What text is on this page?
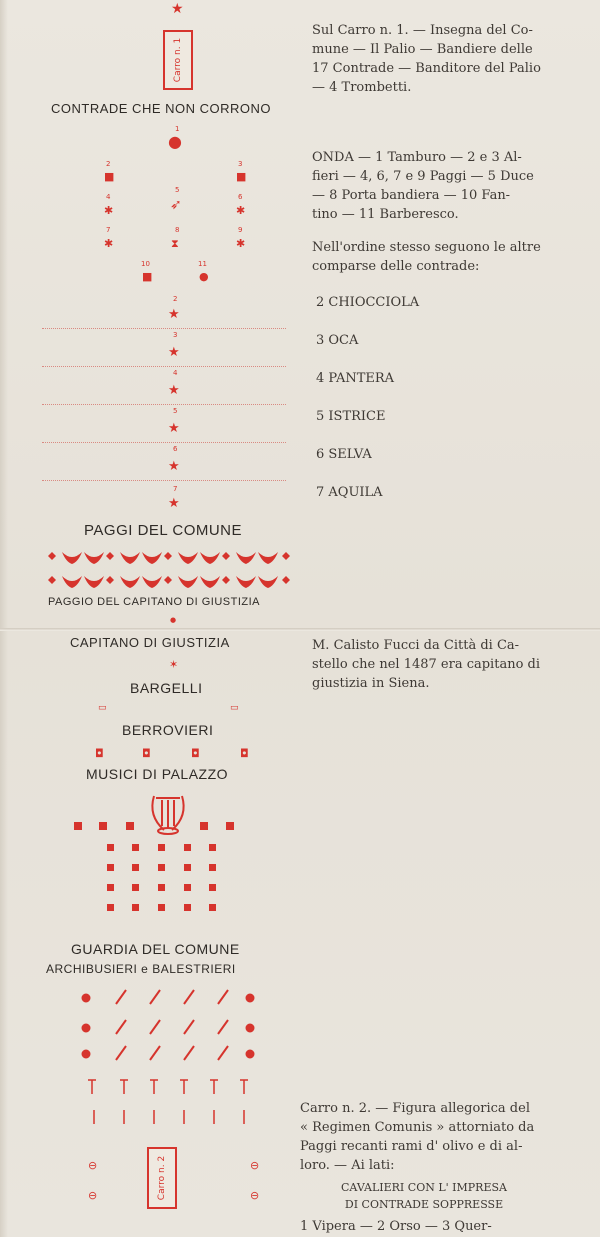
★
Carro n. 1
CONTRADE CHE NON CORRONO
1
●
2
■
3
■
4
✱
5
➶	6
✱
7
✱
8
⧗
9
✱
10
■
11
●
2
★
3
★
4
★
5
★
6
★
7
★
PAGGI DEL COMUNE
PAGGIO DEL CAPITANO DI GIUSTIZIA
●
CAPITANO DI GIUSTIZIA
✶
BARGELLI
▭	▭
BERROVIERI
◘	◘	◘	◘
MUSICI DI PALAZZO
GUARDIA DEL COMUNE
ARCHIBUSIERI e BALESTRIERI
⊖
⊖
⊖
⊖
Carro n. 2
Sul Carro n. 1. — Insegna del Co-
mune — Il Palio — Bandiere delle
17 Contrade — Banditore del Palio
— 4 Trombetti.
ONDA — 1 Tamburo — 2 e 3 Al-
fieri — 4, 6, 7 e 9 Paggi — 5 Duce
— 8 Porta bandiera — 10 Fan-
tino — 11 Barberesco.
Nell'ordine stesso seguono le altre
comparse delle contrade:
2 CHIOCCIOLA
3 OCA
4 PANTERA
5 ISTRICE
6 SELVA
7 AQUILA
M. Calisto Fucci da Città di Ca-
stello che nel 1487 era capitano di
giustizia in Siena.
Carro n. 2. — Figura allegorica del
« Regimen Comunis » attorniato da
Paggi recanti rami d' olivo e di al-
loro. — Ai lati:
CAVALIERI CON L' IMPRESA
DI CONTRADE SOPPRESSE
1 Vipera — 2 Orso — 3 Quer-
